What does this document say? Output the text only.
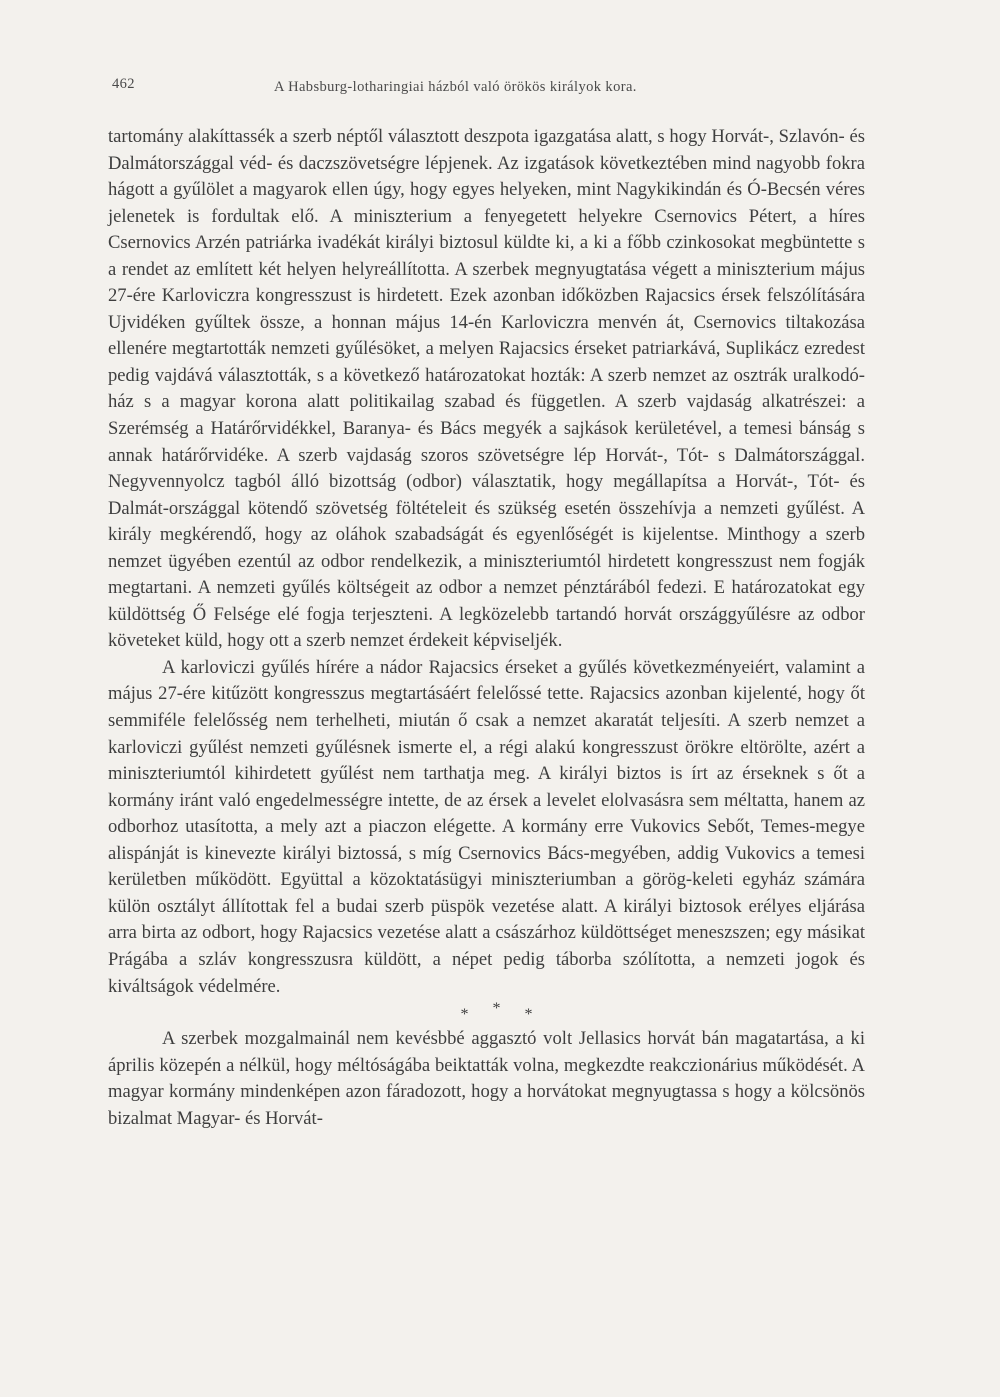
462	A Habsburg-lotharingiai házból való örökös királyok kora.

tartomány alakíttassék a szerb néptől választott deszpota igazgatása alatt, s hogy Horvát-, Szlavón- és Dalmátországgal véd- és daczszövetségre lépjenek. Az izgatások következtében mind nagyobb fokra hágott a gyűlölet a magyarok ellen úgy, hogy egyes helyeken, mint Nagykikindán és Ó-Becsén véres jelenetek is fordultak elő. A miniszterium a fenyegetett helyekre Csernovics Pétert, a híres Csernovics Arzén patriárka ivadékát királyi biztosul küldte ki, a ki a főbb czinkosokat megbüntette s a rendet az említett két helyen helyreállította. A szerbek megnyugtatása végett a miniszterium május 27-ére Karloviczra kongresszust is hirdetett. Ezek azonban időközben Rajacsics érsek felszólítására Ujvidéken gyűltek össze, a honnan május 14-én Karloviczra menvén át, Csernovics tiltakozása ellenére megtartották nemzeti gyűlésöket, a melyen Rajacsics érseket patriarkává, Suplikácz ezredest pedig vajdává választották, s a következő határozatokat hozták: A szerb nemzet az osztrák uralkodó-ház s a magyar korona alatt politikailag szabad és független. A szerb vajdaság alkatrészei: a Szerémség a Határőrvidékkel, Baranya- és Bács megyék a sajkások kerületével, a temesi bánság s annak határőrvidéke. A szerb vajdaság szoros szövetségre lép Horvát-, Tót- s Dalmátországgal. Negyvennyolcz tagból álló bizottság (odbor) választatik, hogy megállapítsa a Horvát-, Tót- és Dalmát-országgal kötendő szövetség föltételeit és szükség esetén összehívja a nemzeti gyűlést. A király megkérendő, hogy az oláhok szabadságát és egyenlőségét is kijelentse. Minthogy a szerb nemzet ügyében ezentúl az odbor rendelkezik, a miniszteriumtól hirdetett kongresszust nem fogják megtartani. A nemzeti gyűlés költségeit az odbor a nemzet pénztárából fedezi. E határozatokat egy küldöttség Ő Felsége elé fogja terjeszteni. A legközelebb tartandó horvát országgyűlésre az odbor követeket küld, hogy ott a szerb nemzet érdekeit képviseljék.

A karloviczi gyűlés hírére a nádor Rajacsics érseket a gyűlés következményeiért, valamint a május 27-ére kitűzött kongresszus megtartásáért felelőssé tette. Rajacsics azonban kijelenté, hogy őt semmiféle felelősség nem terhelheti, miután ő csak a nemzet akaratát teljesíti. A szerb nemzet a karloviczi gyűlést nemzeti gyűlésnek ismerte el, a régi alakú kongresszust örökre eltörölte, azért a miniszteriumtól kihirdetett gyűlést nem tarthatja meg. A királyi biztos is írt az érseknek s őt a kormány iránt való engedelmességre intette, de az érsek a levelet elolvasásra sem méltatta, hanem az odborhoz utasította, a mely azt a piaczon elégette. A kormány erre Vukovics Sebőt, Temes-megye alispánját is kinevezte királyi biztossá, s míg Csernovics Bács-megyében, addig Vukovics a temesi kerületben működött. Együttal a közoktatásügyi miniszteriumban a görög-keleti egyház számára külön osztályt állítottak fel a budai szerb püspök vezetése alatt. A királyi biztosok erélyes eljárása arra birta az odbort, hogy Rajacsics vezetése alatt a császárhoz küldöttséget meneszszen; egy másikat Prágába a szláv kongresszusra küldött, a népet pedig táborba szólította, a nemzeti jogok és kiváltságok védelmére.

***

A szerbek mozgalmainál nem kevésbbé aggasztó volt Jellasics horvát bán magatartása, a ki április közepén a nélkül, hogy méltóságába beiktatták volna, megkezdte reakczionárius működését. A magyar kormány mindenképen azon fáradozott, hogy a horvátokat megnyugtassa s hogy a kölcsönös bizalmat Magyar- és Horvát-
